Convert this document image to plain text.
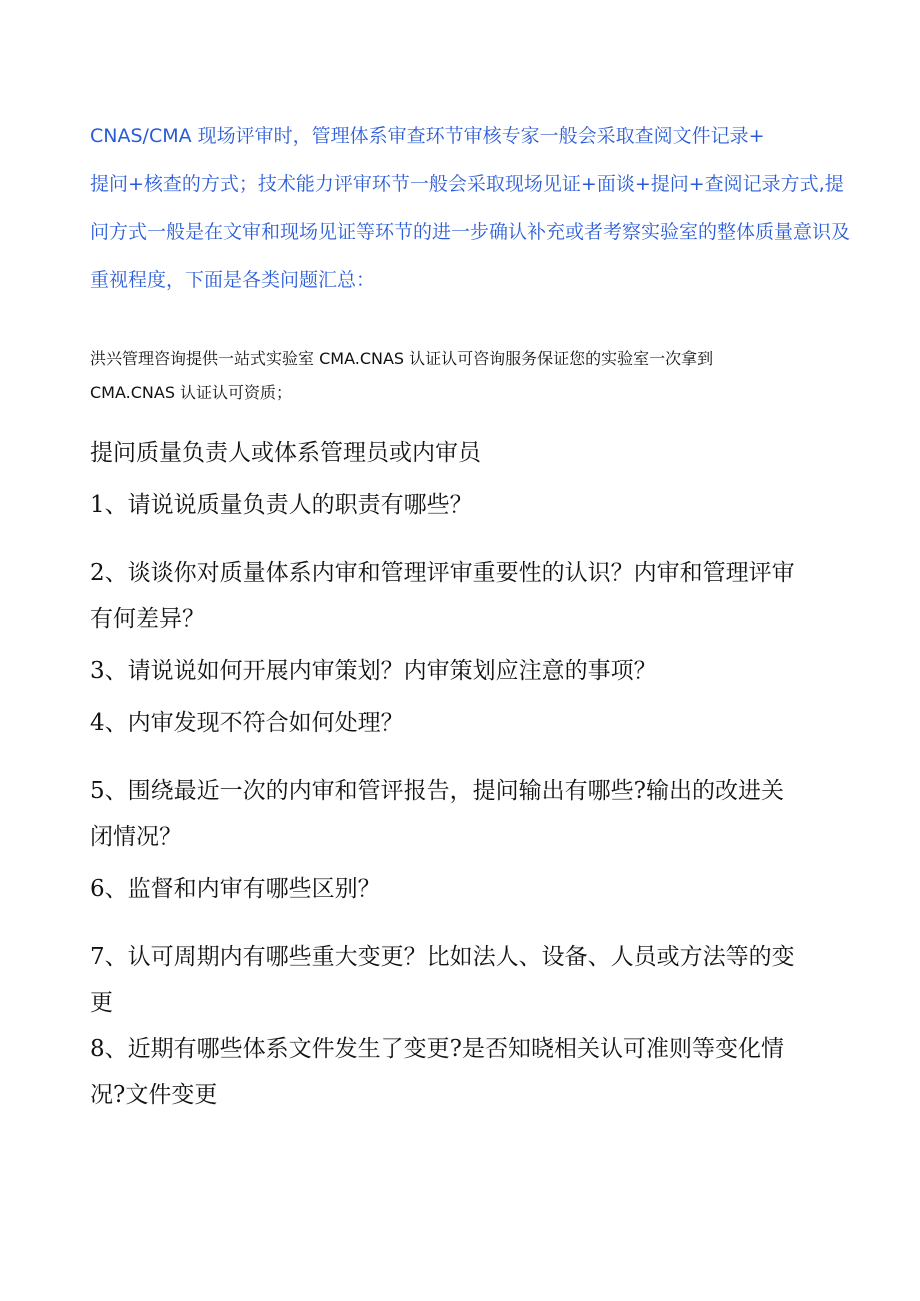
CNAS/CMA 现场评审时，管理体系审查环节审核专家一般会采取查阅文件记录+
提问+核查的方式；技术能力评审环节一般会采取现场见证+面谈+提问+查阅记录方式,提
问方式一般是在文审和现场见证等环节的进一步确认补充或者考察实验室的整体质量意识及
重视程度，下面是各类问题汇总：
洪兴管理咨询提供一站式实验室 CMA.CNAS 认证认可咨询服务保证您的实验室一次拿到
CMA.CNAS 认证认可资质；
提问质量负责人或体系管理员或内审员
1、请说说质量负责人的职责有哪些？
2、谈谈你对质量体系内审和管理评审重要性的认识？内审和管理评审
有何差异？
3、请说说如何开展内审策划？内审策划应注意的事项？
4、内审发现不符合如何处理？
5、围绕最近一次的内审和管评报告，提问输出有哪些?输出的改进关
闭情况？
6、监督和内审有哪些区别？
7、认可周期内有哪些重大变更？比如法人、设备、人员或方法等的变
更
8、近期有哪些体系文件发生了变更?是否知晓相关认可准则等变化情
况?文件变更
